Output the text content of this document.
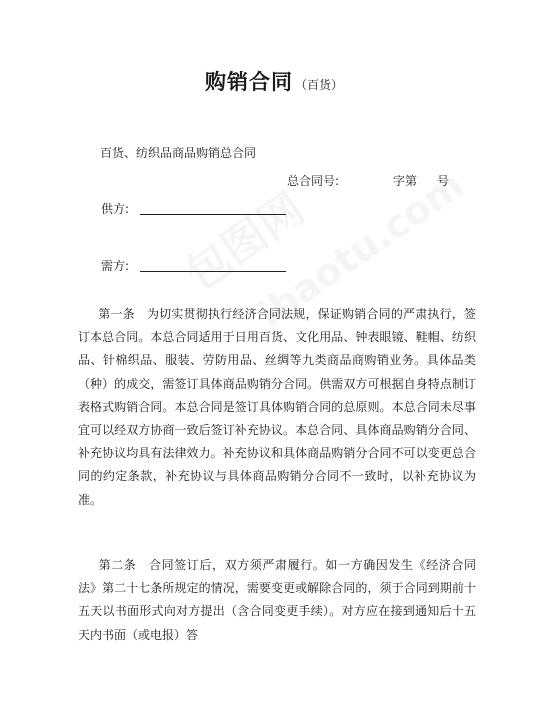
购销合同 （百货）
百货、纺织品商品购销总合同
总合同号:	字第 号
供方:
需方:
第一条 为切实贯彻执行经济合同法规，保证购销合同的严肃执行，签订本总合同。本总合同适用于日用百货、文化用品、钟表眼镜、鞋帽、纺织品、针棉织品、服装、劳防用品、丝绸等九类商品商购销业务。具体品类（种）的成交，需签订具体商品购销分合同。供需双方可根据自身特点制订表格式购销合同。本总合同是签订具体购销合同的总原则。本总合同未尽事宜可以经双方协商一致后签订补充协议。本总合同、具体商品购销分合同、补充协议均具有法律效力。补充协议和具体商品购销分合同不可以变更总合同的约定条款，补充协议与具体商品购销分合同不一致时，以补充协议为准。
第二条 合同签订后，双方须严肃履行。如一方确因发生《经济合同法》第二十七条所规定的情况，需要变更或解除合同的，须于合同到期前十五天以书面形式向对方提出（含合同变更手续）。对方应在接到通知后十五天内书面（或电报）答
